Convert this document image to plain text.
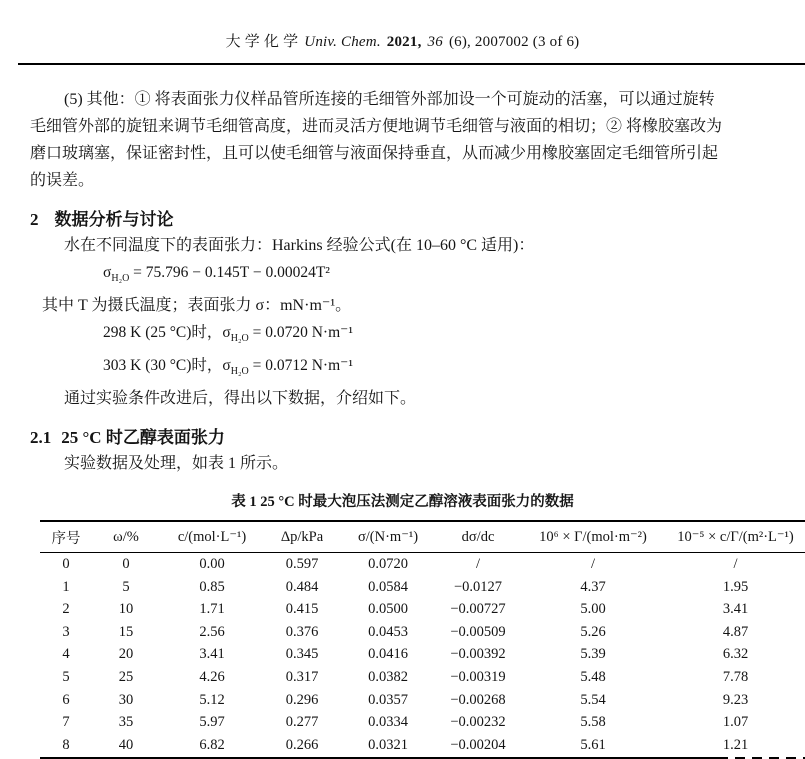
大 学 化 学 Univ. Chem. 2021, 36 (6), 2007002 (3 of 6)
(5) 其他：① 将表面张力仪样品管所连接的毛细管外部加设一个可旋动的活塞，可以通过旋转
毛细管外部的旋钮来调节毛细管高度，进而灵活方便地调节毛细管与液面的相切；② 将橡胶塞改为
磨口玻璃塞，保证密封性，且可以使毛细管与液面保持垂直，从而减少用橡胶塞固定毛细管所引起
的误差。
2 数据分析与讨论
水在不同温度下的表面张力：Harkins 经验公式(在 10–60 °C 适用)：
$\sigma_{H_2O} = 75.796 - 0.145T - 0.00024T^2$
其中 T 为摄氏温度；表面张力 σ：mN·m⁻¹。
298 K (25 °C)时，$\sigma_{H_2O} = 0.0720$ N·m⁻¹
303 K (30 °C)时，$\sigma_{H_2O} = 0.0712$ N·m⁻¹
通过实验条件改进后，得出以下数据，介绍如下。
2.1 25 °C 时乙醇表面张力
实验数据及处理，如表 1 所示。
表 1 25 °C 时最大泡压法测定乙醇溶液表面张力的数据
序号	ω/%	c/(mol·L⁻¹)	Δp/kPa	σ/(N·m⁻¹)	dσ/dc	10⁶ × Γ/(mol·m⁻²)	10⁻⁵ × c/Γ/(m²·L⁻¹)
0	0	0.00	0.597	0.0720	/	/	/
1	5	0.85	0.484	0.0584	−0.0127	4.37	1.95
2	10	1.71	0.415	0.0500	−0.00727	5.00	3.41
3	15	2.56	0.376	0.0453	−0.00509	5.26	4.87
4	20	3.41	0.345	0.0416	−0.00392	5.39	6.32
5	25	4.26	0.317	0.0382	−0.00319	5.48	7.78
6	30	5.12	0.296	0.0357	−0.00268	5.54	9.23
7	35	5.97	0.277	0.0334	−0.00232	5.58	1.07
8	40	6.82	0.266	0.0321	−0.00204	5.61	1.21
